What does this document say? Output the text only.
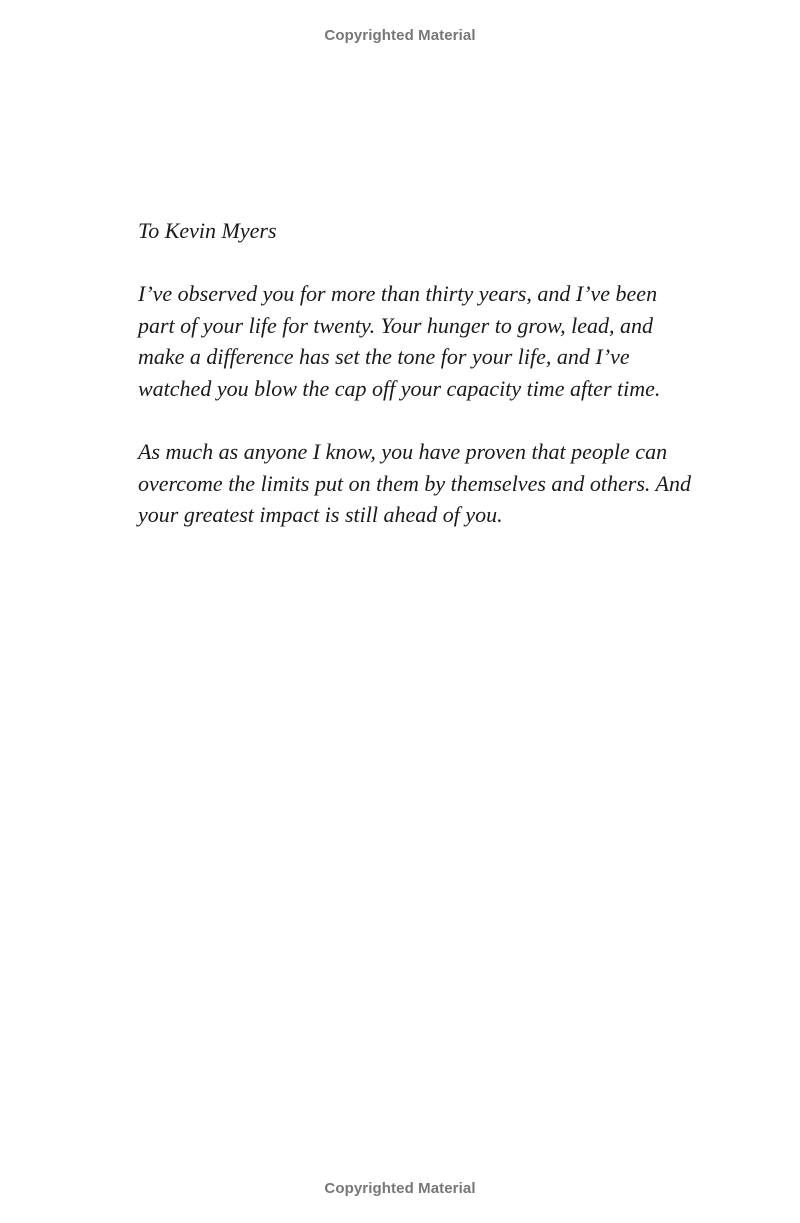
Copyrighted Material

To Kevin Myers

I’ve observed you for more than thirty years, and I’ve been
part of your life for twenty. Your hunger to grow, lead, and
make a difference has set the tone for your life, and I’ve
watched you blow the cap off your capacity time after time.

As much as anyone I know, you have proven that people can
overcome the limits put on them by themselves and others. And
your greatest impact is still ahead of you.

Copyrighted Material
